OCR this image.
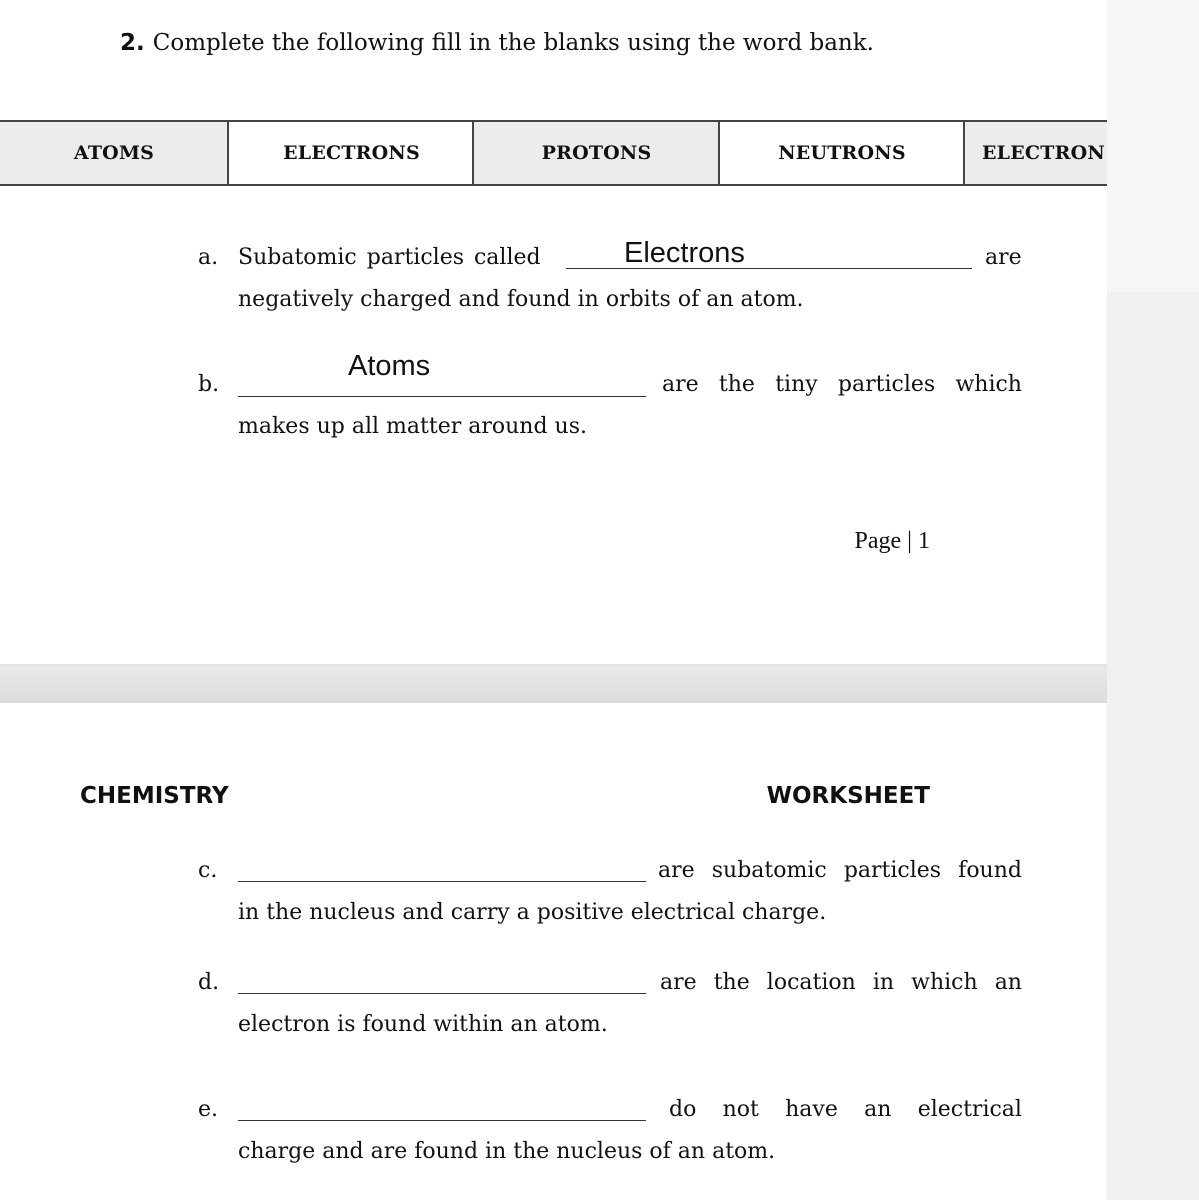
2. Complete the following fill in the blanks using the word bank.
ATOMS	ELECTRONS	PROTONS	NEUTRONS	ELECTRON
a. Subatomic particles called	Electrons	are
negatively charged and found in orbits of an atom.
Atoms
b.	are the tiny particles which
makes up all matter around us.
Page | 1
CHEMISTRY	WORKSHEET
c.	are subatomic particles found
in the nucleus and carry a positive electrical charge.
d.	are the location in which an
electron is found within an atom.
e.	do not have an electrical
charge and are found in the nucleus of an atom.
